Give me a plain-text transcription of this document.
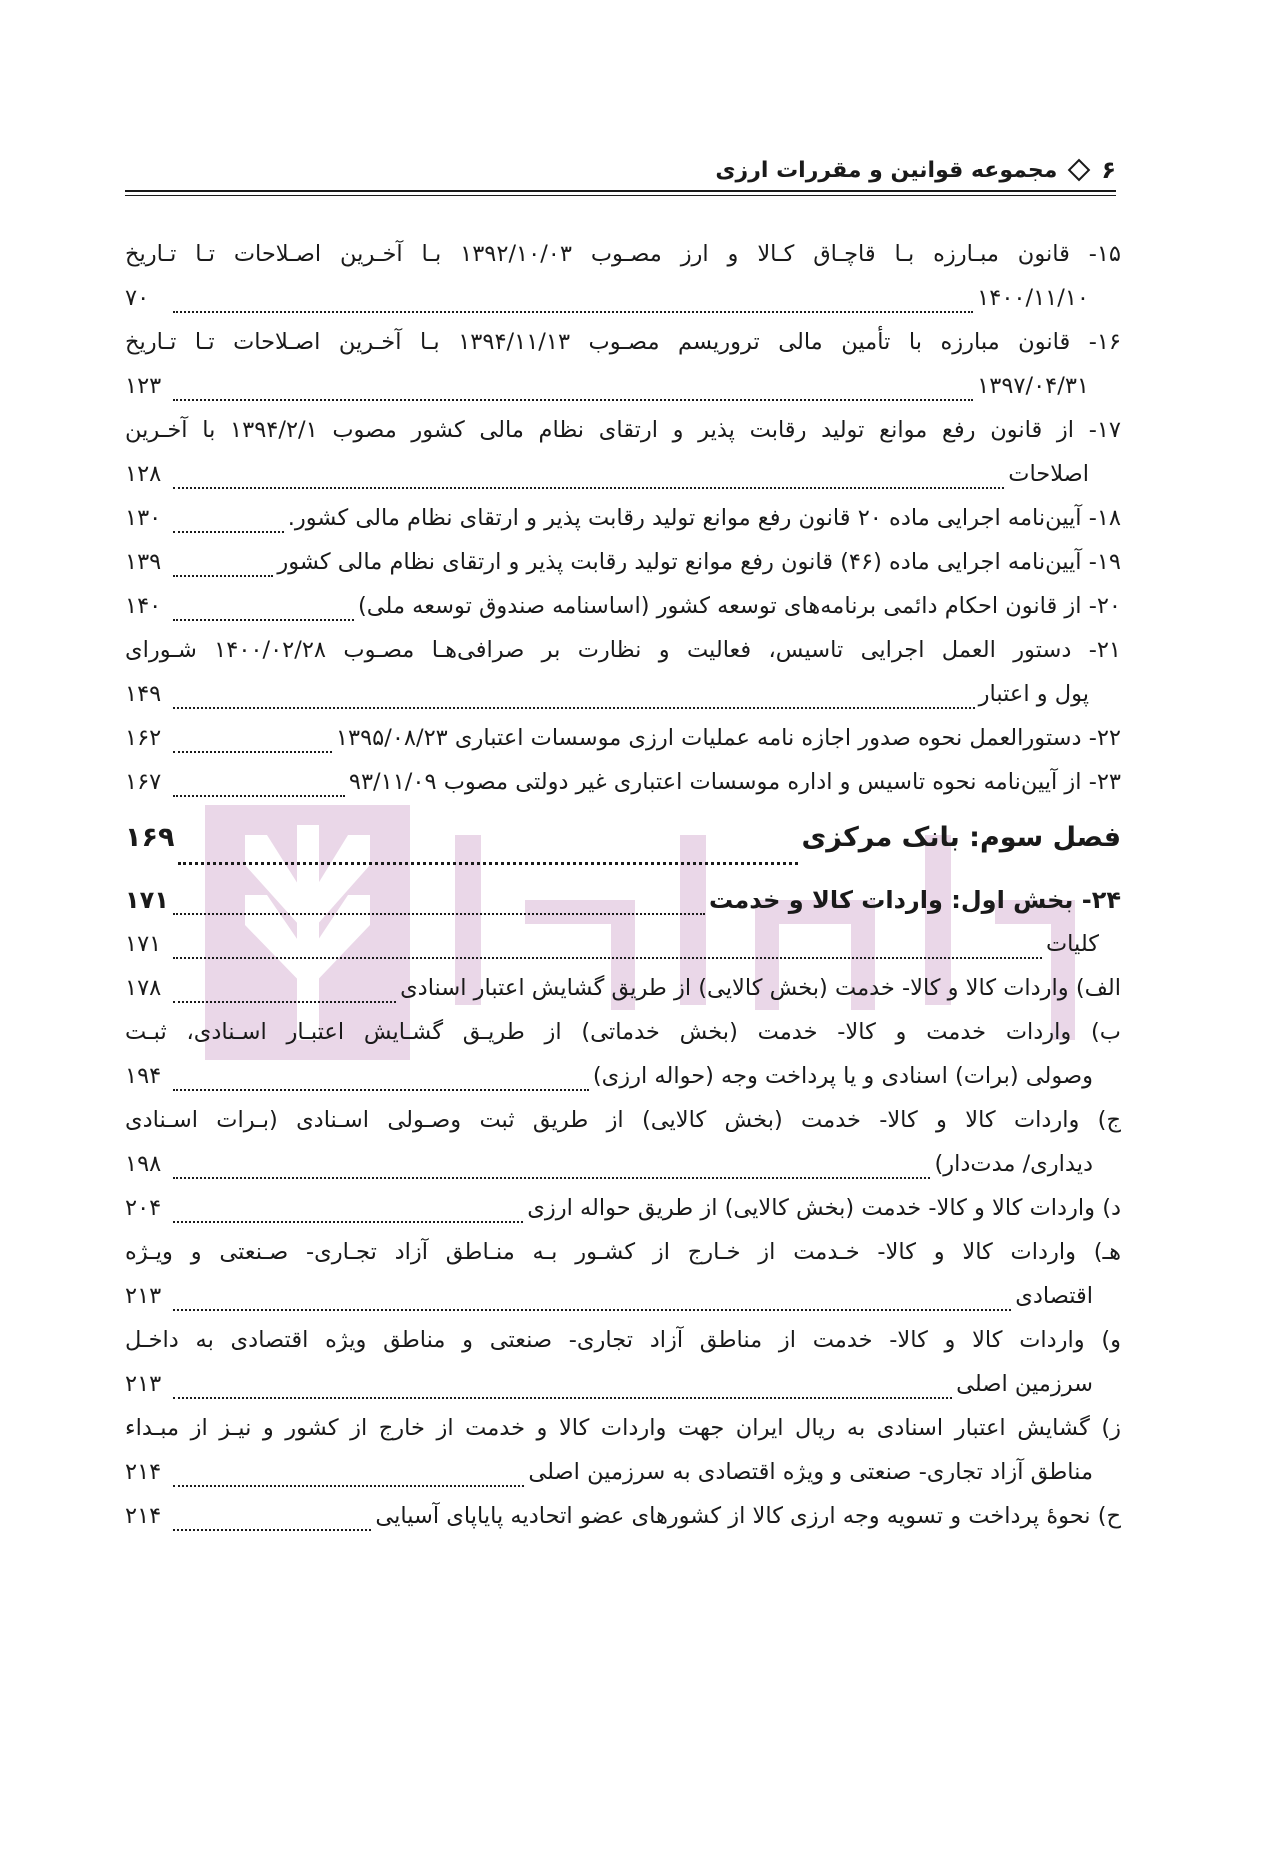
۶
مجموعه قوانین و مقررات ارزی
۱۵- قانون مبـارزه بـا قاچـاق کـالا و ارز مصـوب ۱۳۹۲/۱۰/۰۳ بـا آخـرین اصـلاحات تـا تـاریخ
۱۴۰۰/۱۱/۱۰
۷۰
۱۶- قانون مبارزه با تأمین مالی تروریسم مصـوب ۱۳۹۴/۱۱/۱۳ بـا آخـرین اصـلاحات تـا تـاریخ
۱۳۹۷/۰۴/۳۱
۱۲۳
۱۷- از قانون رفع موانع تولید رقابت پذیر و ارتقای نظام مالی کشور مصوب ۱۳۹۴/۲/۱ با آخـرین
اصلاحات
۱۲۸
۱۸- آیین‌نامه اجرایی ماده ۲۰ قانون رفع موانع تولید رقابت پذیر و ارتقای نظام مالی کشور.
۱۳۰
۱۹- آیین‌نامه اجرایی ماده (۴۶) قانون رفع موانع تولید رقابت پذیر و ارتقای نظام مالی کشور
۱۳۹
۲۰- از قانون احکام دائمی برنامه‌های توسعه کشور (اساسنامه صندوق توسعه ملی)
۱۴۰
۲۱- دستور العمل اجرایی تاسیس، فعالیت و نظارت بر صرافی‌هـا مصـوب ۱۴۰۰/۰۲/۲۸ شـورای
پول و اعتبار
۱۴۹
۲۲- دستورالعمل نحوه صدور اجازه نامه عملیات ارزی موسسات اعتباری ۱۳۹۵/۰۸/۲۳
۱۶۲
۲۳- از آیین‌نامه نحوه تاسیس و اداره موسسات اعتباری غیر دولتی مصوب ۹۳/۱۱/۰۹
۱۶۷
فصل سوم: بانک مرکزی
۱۶۹
۲۴- بخش اول: واردات کالا و خدمت
۱۷۱
کلیات
۱۷۱
الف) واردات کالا و کالا- خدمت (بخش کالایی) از طریق گشایش اعتبار اسنادی
۱۷۸
ب) واردات خدمت و کالا- خدمت (بخش خدماتی) از طریـق گشـایش اعتبـار اسـنادی، ثبـت
وصولی (برات) اسنادی و یا پرداخت وجه (حواله ارزی)
۱۹۴
ج) واردات کالا و کالا- خدمت (بخش کالایی) از طریق ثبت وصـولی اسـنادی (بـرات اسـنادی
دیداری/ مدت‌دار)
۱۹۸
د) واردات کالا و کالا- خدمت (بخش کالایی) از طریق حواله ارزی
۲۰۴
هـ) واردات کالا و کالا- خـدمت از خـارج از کشـور بـه منـاطق آزاد تجـاری- صـنعتی و ویـژه
اقتصادی
۲۱۳
و) واردات کالا و کالا- خدمت از مناطق آزاد تجاری- صنعتی و مناطق ویژه اقتصادی به داخـل
سرزمین اصلی
۲۱۳
ز) گشایش اعتبار اسنادی به ریال ایران جهت واردات کالا و خدمت از خارج از کشور و نیـز از مبـداء
مناطق آزاد تجاری- صنعتی و ویژه اقتصادی به سرزمین اصلی
۲۱۴
ح) نحوهٔ پرداخت و تسویه وجه ارزی کالا از کشورهای عضو اتحادیه پایاپای آسیایی
۲۱۴
